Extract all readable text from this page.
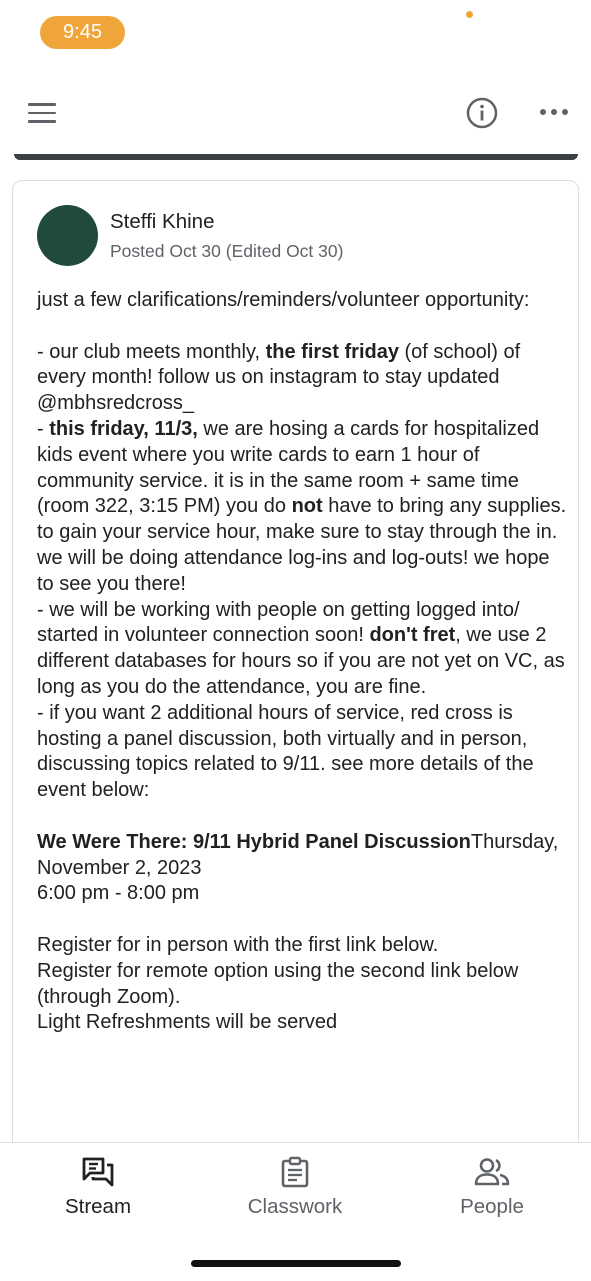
9:45
Steffi Khine
Posted Oct 30 (Edited Oct 30)

just a few clarifications/reminders/volunteer opportunity:

- our club meets monthly, the first friday (of school) of every month! follow us on instagram to stay updated @mbhsredcross_

- this friday, 11/3, we are hosing a cards for hospitalized kids event where you write cards to earn 1 hour of community service. it is in the same room + same time (room 322, 3:15 PM) you do not have to bring any supplies. to gain your service hour, make sure to stay through the in. we will be doing attendance log-ins and log-outs! we hope to see you there!

- we will be working with people on getting logged into/ started in volunteer connection soon! don't fret, we use 2 different databases for hours so if you are not yet on VC, as long as you do the attendance, you are fine.

- if you want 2 additional hours of service, red cross is hosting a panel discussion, both virtually and in person, discussing topics related to 9/11. see more details of the event below:

We Were There: 9/11 Hybrid Panel DiscussionThursday, November 2, 2023

6:00 pm - 8:00 pm

Register for in person with the first link below.

Register for remote option using the second link below (through Zoom).

Light Refreshments will be served

Stream	Classwork	People
